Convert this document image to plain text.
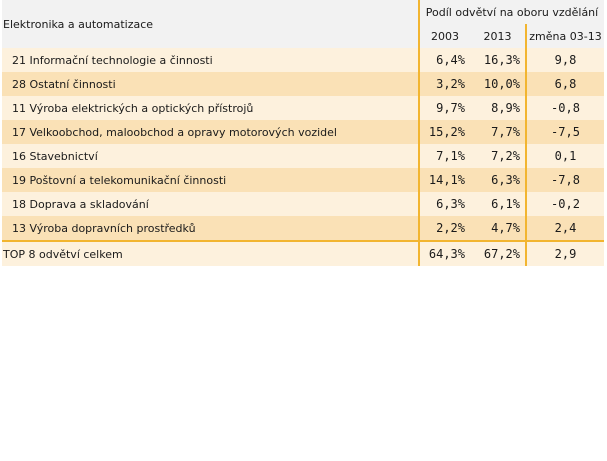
Elektronika a automatizace	Podíl odvětví na oboru vzdělání		
	2003	2013	změna 03-13
21 Informační technologie a činnosti	6,4%	16,3%	9,8
28 Ostatní činnosti	3,2%	10,0%	6,8
11 Výroba elektrických a optických přístrojů	9,7%	8,9%	-0,8
17 Velkoobchod, maloobchod a opravy motorových vozidel	15,2%	7,7%	-7,5
16 Stavebnictví	7,1%	7,2%	0,1
19 Poštovní a telekomunikační činnosti	14,1%	6,3%	-7,8
18 Doprava a skladování	6,3%	6,1%	-0,2
13 Výroba dopravních prostředků	2,2%	4,7%	2,4
TOP 8 odvětví celkem	64,3%	67,2%	2,9
